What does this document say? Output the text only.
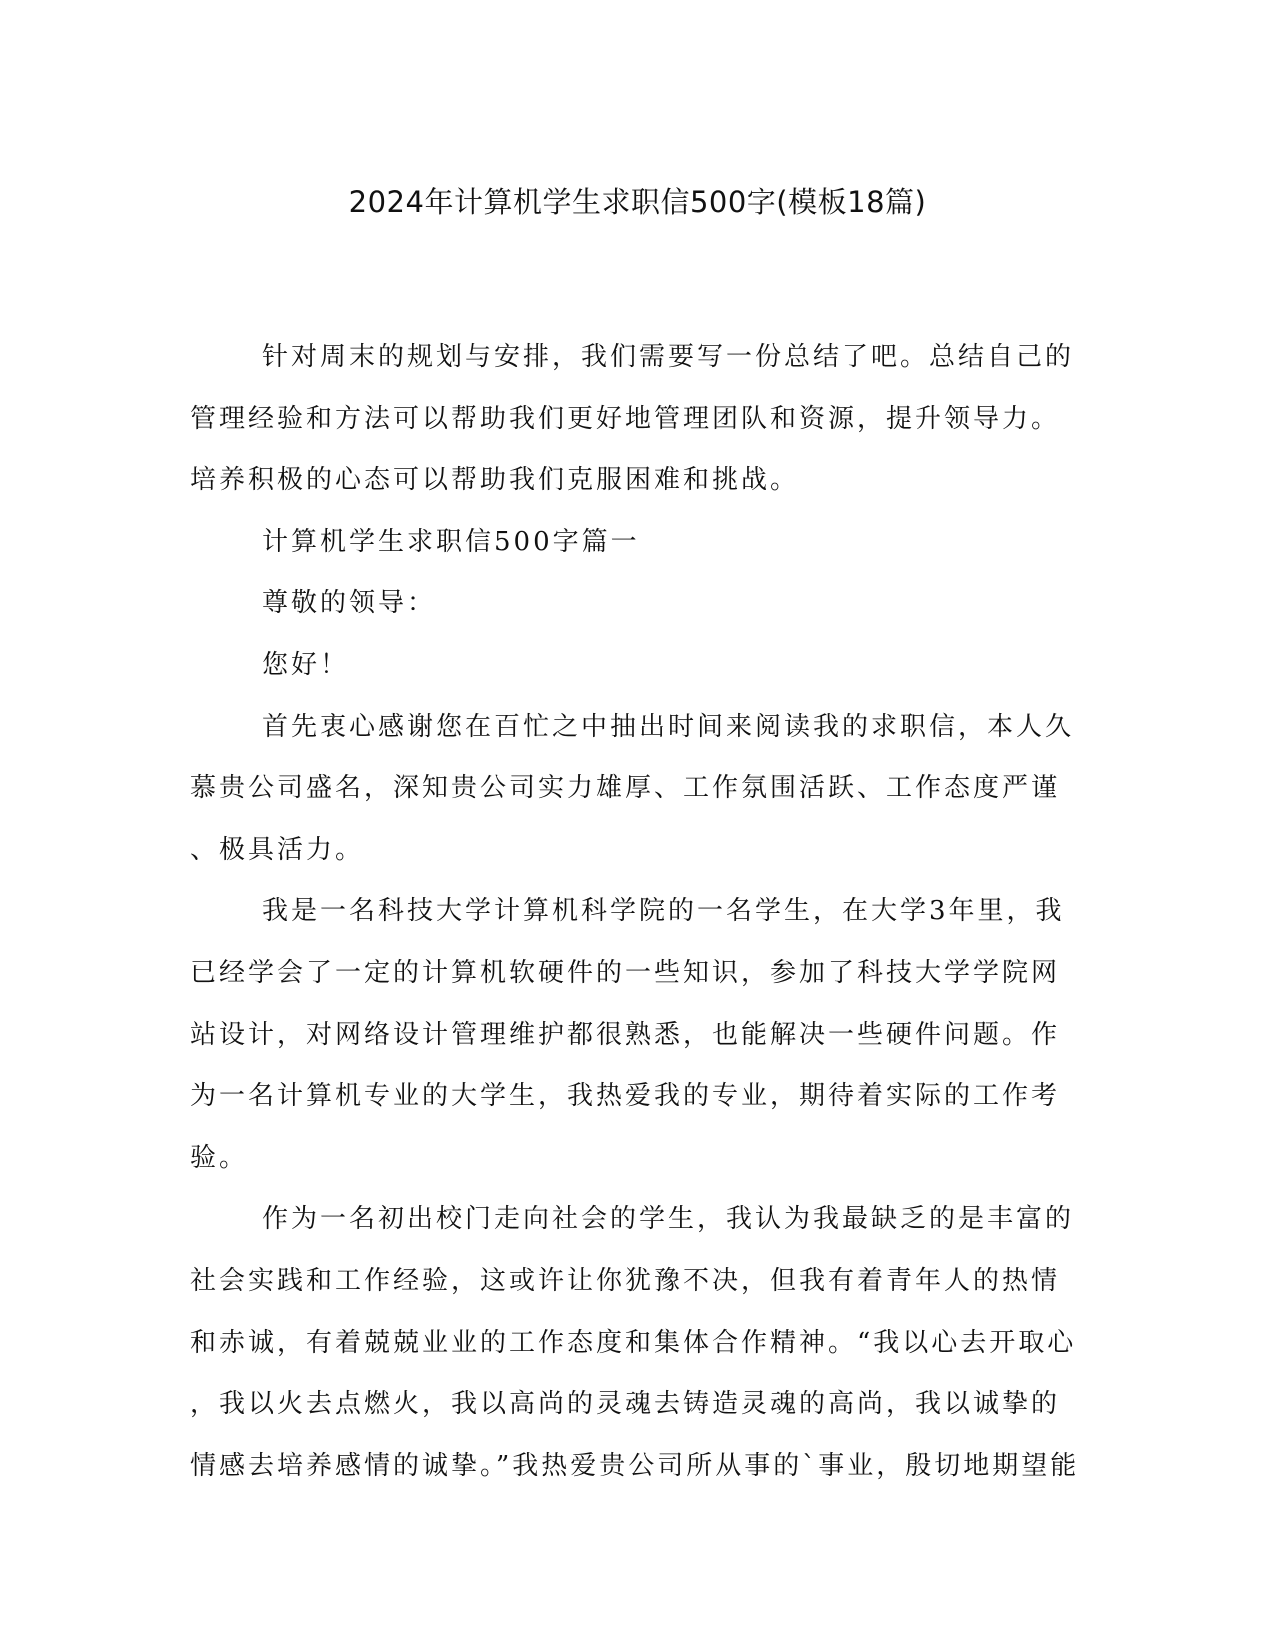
2024年计算机学生求职信500字(模板18篇)
针对周末的规划与安排，我们需要写一份总结了吧。总结自己的
管理经验和方法可以帮助我们更好地管理团队和资源，提升领导力。
培养积极的心态可以帮助我们克服困难和挑战。
计算机学生求职信500字篇一
尊敬的领导：
您好！
首先衷心感谢您在百忙之中抽出时间来阅读我的求职信，本人久
慕贵公司盛名，深知贵公司实力雄厚、工作氛围活跃、工作态度严谨
、极具活力。
我是一名科技大学计算机科学院的一名学生，在大学3年里，我
已经学会了一定的计算机软硬件的一些知识，参加了科技大学学院网
站设计，对网络设计管理维护都很熟悉，也能解决一些硬件问题。作
为一名计算机专业的大学生，我热爱我的专业，期待着实际的工作考
验。
作为一名初出校门走向社会的学生，我认为我最缺乏的是丰富的
社会实践和工作经验，这或许让你犹豫不决，但我有着青年人的热情
和赤诚，有着兢兢业业的工作态度和集体合作精神。“我以心去开取心
，我以火去点燃火，我以高尚的灵魂去铸造灵魂的高尚，我以诚挚的
情感去培养感情的诚挚。”我热爱贵公司所从事的`事业，殷切地期望能
